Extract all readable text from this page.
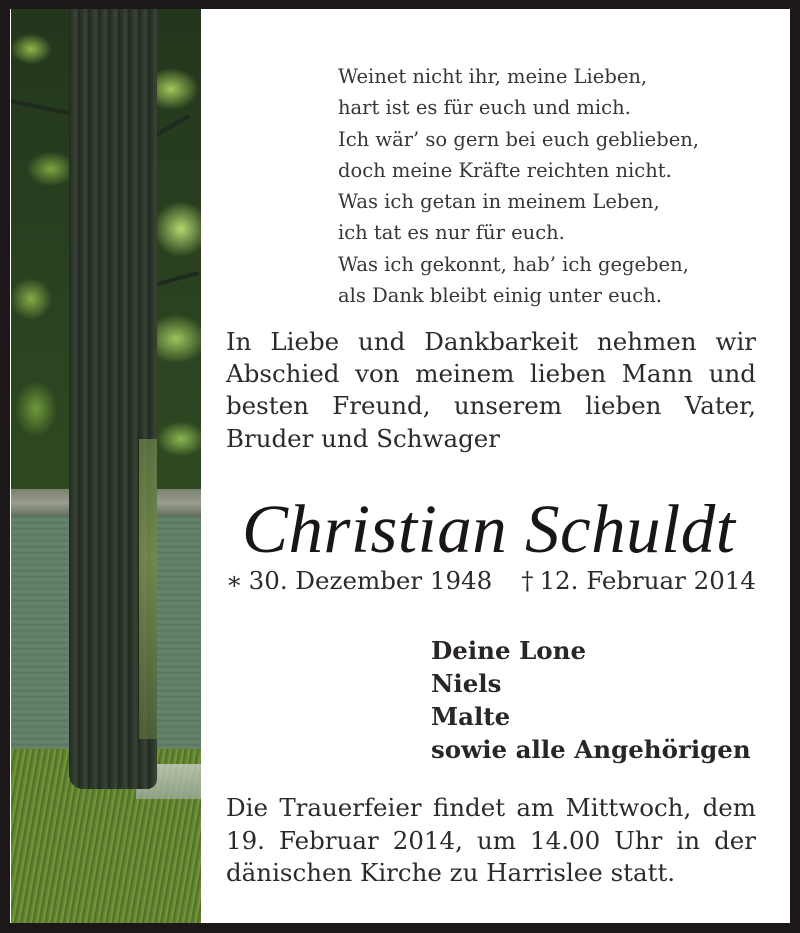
Weinet nicht ihr, meine Lieben,
hart ist es für euch und mich.
Ich wär’ so gern bei euch geblieben,
doch meine Kräfte reichten nicht.
Was ich getan in meinem Leben,
ich tat es nur für euch.
Was ich gekonnt, hab’ ich gegeben,
als Dank bleibt einig unter euch.
In Liebe und Dankbarkeit nehmen wir
Abschied von meinem lieben Mann und
besten Freund, unserem lieben Vater,
Bruder und Schwager
Christian Schuldt
∗ 30. Dezember 1948 † 12. Februar 2014
Deine Lone
Niels
Malte
sowie alle Angehörigen
Die Trauerfeier findet am Mittwoch, dem
19. Februar 2014, um 14.00 Uhr in der
dänischen Kirche zu Harrislee statt.
